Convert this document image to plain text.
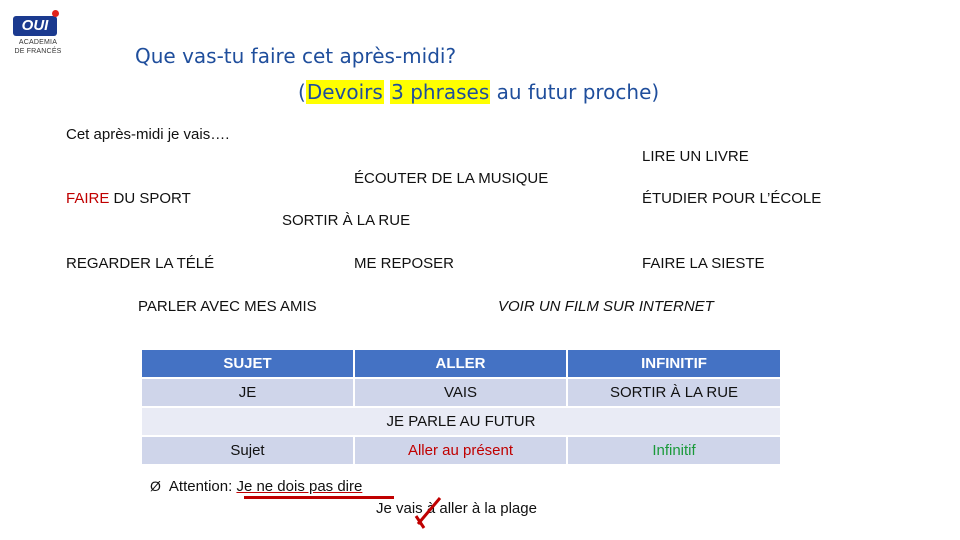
OUI
ACADEMIA
DE FRANCÉS	Que vas-tu faire cet après-midi?
(Devoirs 3 phrases au futur proche)
Cet après-midi je vais….
LIRE UN LIVRE
ÉCOUTER DE LA MUSIQUE
FAIRE DU SPORT	ÉTUDIER POUR L’ÉCOLE
SORTIR À LA RUE
REGARDER LA TÉLÉ	ME REPOSER	FAIRE LA SIESTE
PARLER AVEC MES AMIS	VOIR UN FILM SUR INTERNET
SUJET	ALLER	INFINITIF
JE	VAIS	SORTIR À LA RUE
JE PARLE AU FUTUR		
Sujet	Aller au présent	Infinitif
Ø Attention: Je ne dois pas dire
Je vais à aller à la plage
